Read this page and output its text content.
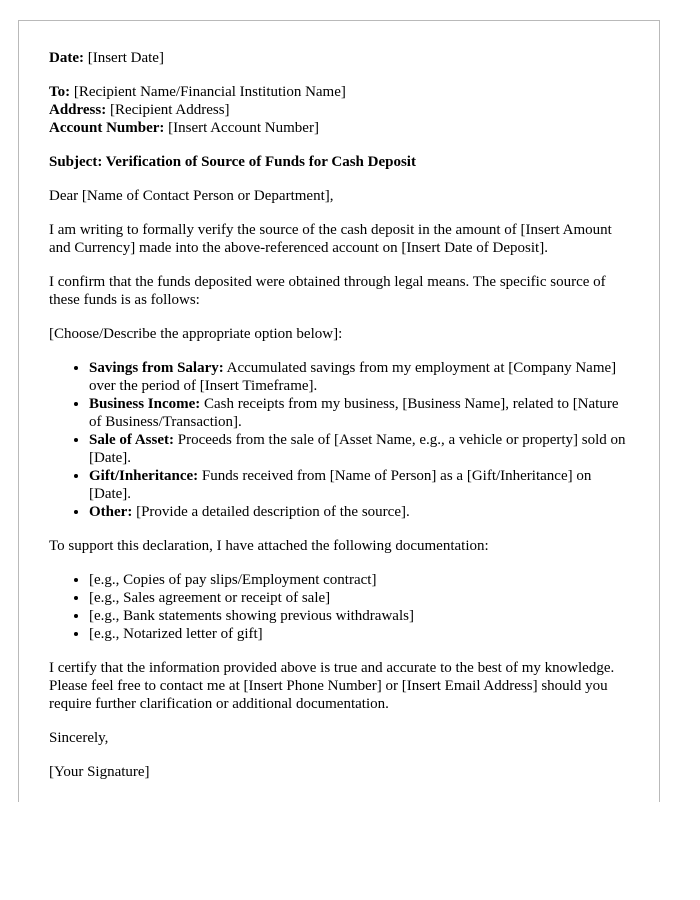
Date: [Insert Date]

To: [Recipient Name/Financial Institution Name]

Address: [Recipient Address]

Account Number: [Insert Account Number]

Subject: Verification of Source of Funds for Cash Deposit

Dear [Name of Contact Person or Department],

I am writing to formally verify the source of the cash deposit in the amount of [Insert Amount and Currency] made into the above-referenced account on [Insert Date of Deposit].

I confirm that the funds deposited were obtained through legal means. The specific source of these funds is as follows:

[Choose/Describe the appropriate option below]:

• Savings from Salary: Accumulated savings from my employment at [Company Name] over the period of [Insert Timeframe].
• Business Income: Cash receipts from my business, [Business Name], related to [Nature of Business/Transaction].
• Sale of Asset: Proceeds from the sale of [Asset Name, e.g., a vehicle or property] sold on [Date].
• Gift/Inheritance: Funds received from [Name of Person] as a [Gift/Inheritance] on [Date].
• Other: [Provide a detailed description of the source].

To support this declaration, I have attached the following documentation:

• [e.g., Copies of pay slips/Employment contract]
• [e.g., Sales agreement or receipt of sale]
• [e.g., Bank statements showing previous withdrawals]
• [e.g., Notarized letter of gift]

I certify that the information provided above is true and accurate to the best of my knowledge. Please feel free to contact me at [Insert Phone Number] or [Insert Email Address] should you require further clarification or additional documentation.

Sincerely,

[Your Signature]
